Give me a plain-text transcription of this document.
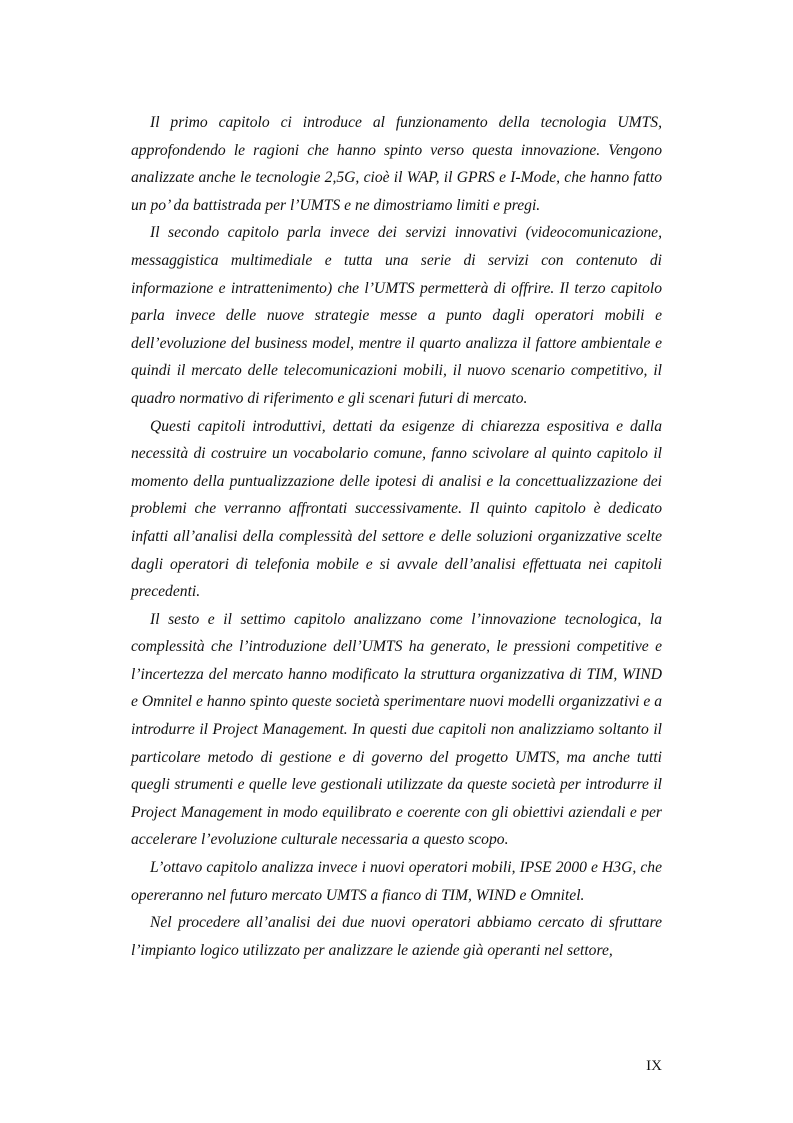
Il primo capitolo ci introduce al funzionamento della tecnologia UMTS, approfondendo le ragioni che hanno spinto verso questa innovazione. Vengono analizzate anche le tecnologie 2,5G, cioè il WAP, il GPRS e I-Mode, che hanno fatto un po’ da battistrada per l’UMTS e ne dimostriamo limiti e pregi.

Il secondo capitolo parla invece dei servizi innovativi (videocomunicazione, messaggistica multimediale e tutta una serie di servizi con contenuto di informazione e intrattenimento) che l’UMTS permetterà di offrire. Il terzo capitolo parla invece delle nuove strategie messe a punto dagli operatori mobili e dell’evoluzione del business model, mentre il quarto analizza il fattore ambientale e quindi il mercato delle telecomunicazioni mobili, il nuovo scenario competitivo, il quadro normativo di riferimento e gli scenari futuri di mercato.

Questi capitoli introduttivi, dettati da esigenze di chiarezza espositiva e dalla necessità di costruire un vocabolario comune, fanno scivolare al quinto capitolo il momento della puntualizzazione delle ipotesi di analisi e la concettualizzazione dei problemi che verranno affrontati successivamente. Il quinto capitolo è dedicato infatti all’analisi della complessità del settore e delle soluzioni organizzative scelte dagli operatori di telefonia mobile e si avvale dell’analisi effettuata nei capitoli precedenti.

Il sesto e il settimo capitolo analizzano come l’innovazione tecnologica, la complessità che l’introduzione dell’UMTS ha generato, le pressioni competitive e l’incertezza del mercato hanno modificato la struttura organizzativa di TIM, WIND e Omnitel e hanno spinto queste società sperimentare nuovi modelli organizzativi e a introdurre il Project Management. In questi due capitoli non analizziamo soltanto il particolare metodo di gestione e di governo del progetto UMTS, ma anche tutti quegli strumenti e quelle leve gestionali utilizzate da queste società per introdurre il Project Management in modo equilibrato e coerente con gli obiettivi aziendali e per accelerare l’evoluzione culturale necessaria a questo scopo.

L’ottavo capitolo analizza invece i nuovi operatori mobili, IPSE 2000 e H3G, che opereranno nel futuro mercato UMTS a fianco di TIM, WIND e Omnitel.

Nel procedere all’analisi dei due nuovi operatori abbiamo cercato di sfruttare l’impianto logico utilizzato per analizzare le aziende già operanti nel settore,

IX
